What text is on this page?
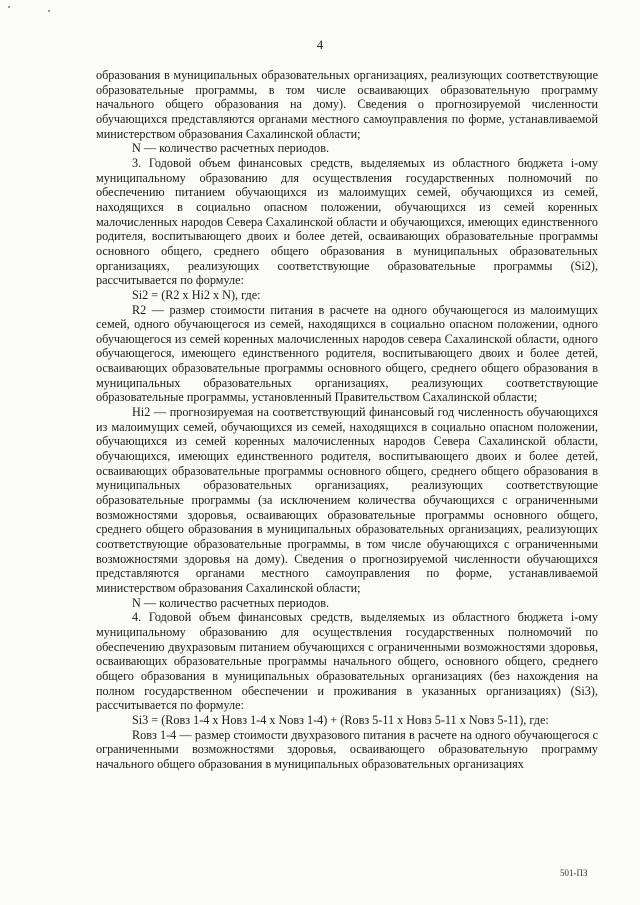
4

образования в муниципальных образовательных организациях, реализующих соответствующие образовательные программы, в том числе осваивающих образовательную программу начального общего образования на дому). Сведения о прогнозируемой численности обучающихся представляются органами местного самоуправления по форме, устанавливаемой министерством образования Сахалинской области;

N — количество расчетных периодов.

3. Годовой объем финансовых средств, выделяемых из областного бюджета i-ому муниципальному образованию для осуществления государственных полномочий по обеспечению питанием обучающихся из малоимущих семей, обучающихся из семей, находящихся в социально опасном положении, обучающихся из семей коренных малочисленных народов Севера Сахалинской области и обучающихся, имеющих единственного родителя, воспитывающего двоих и более детей, осваивающих образовательные программы основного общего, среднего общего образования в муниципальных образовательных организациях, реализующих соответствующие образовательные программы (Si2), рассчитывается по формуле:

Si2 = (R2 x Hi2 x N), где:

R2 — размер стоимости питания в расчете на одного обучающегося из малоимущих семей, одного обучающегося из семей, находящихся в социально опасном положении, одного обучающегося из семей коренных малочисленных народов севера Сахалинской области, одного обучающегося, имеющего единственного родителя, воспитывающего двоих и более детей, осваивающих образовательные программы основного общего, среднего общего образования в муниципальных образовательных организациях, реализующих соответствующие образовательные программы, установленный Правительством Сахалинской области;

Hi2 — прогнозируемая на соответствующий финансовый год численность обучающихся из малоимущих семей, обучающихся из семей, находящихся в социально опасном положении, обучающихся из семей коренных малочисленных народов Севера Сахалинской области, обучающихся, имеющих единственного родителя, воспитывающего двоих и более детей, осваивающих образовательные программы основного общего, среднего общего образования в муниципальных образовательных организациях, реализующих соответствующие образовательные программы (за исключением количества обучающихся с ограниченными возможностями здоровья, осваивающих образовательные программы основного общего, среднего общего образования в муниципальных образовательных организациях, реализующих соответствующие образовательные программы, в том числе обучающихся с ограниченными возможностями здоровья на дому). Сведения о прогнозируемой численности обучающихся представляются органами местного самоуправления по форме, устанавливаемой министерством образования Сахалинской области;

N — количество расчетных периодов.

4. Годовой объем финансовых средств, выделяемых из областного бюджета i-ому муниципальному образованию для осуществления государственных полномочий по обеспечению двухразовым питанием обучающихся с ограниченными возможностями здоровья, осваивающих образовательные программы начального общего, основного общего, среднего общего образования в муниципальных образовательных организациях (без нахождения на полном государственном обеспечении и проживания в указанных организациях) (Si3), рассчитывается по формуле:

Si3 = (Rовз 1-4 x Hовз 1-4 x Nовз 1-4) + (Rовз 5-11 x Hовз 5-11 x Nовз 5-11), где:

Rовз 1-4 — размер стоимости двухразового питания в расчете на одного обучающегося с ограниченными возможностями здоровья, осваивающего образовательную программу начального общего образования в муниципальных образовательных организациях

501-ПЗ
